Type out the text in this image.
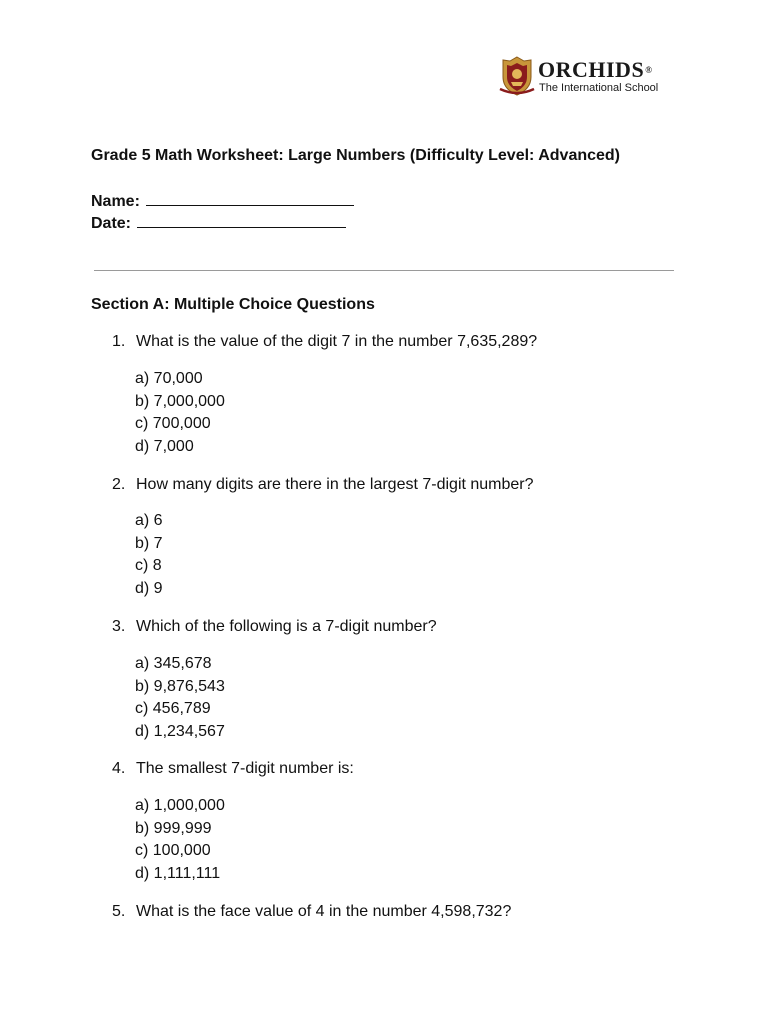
ORCHIDS®
The International School
Grade 5 Math Worksheet: Large Numbers (Difficulty Level: Advanced)
Name:
Date:
Section A: Multiple Choice Questions
1. What is the value of the digit 7 in the number 7,635,289?
a) 70,000
b) 7,000,000
c) 700,000
d) 7,000
2. How many digits are there in the largest 7-digit number?
a) 6
b) 7
c) 8
d) 9
3. Which of the following is a 7-digit number?
a) 345,678
b) 9,876,543
c) 456,789
d) 1,234,567
4. The smallest 7-digit number is:
a) 1,000,000
b) 999,999
c) 100,000
d) 1,111,111
5. What is the face value of 4 in the number 4,598,732?
